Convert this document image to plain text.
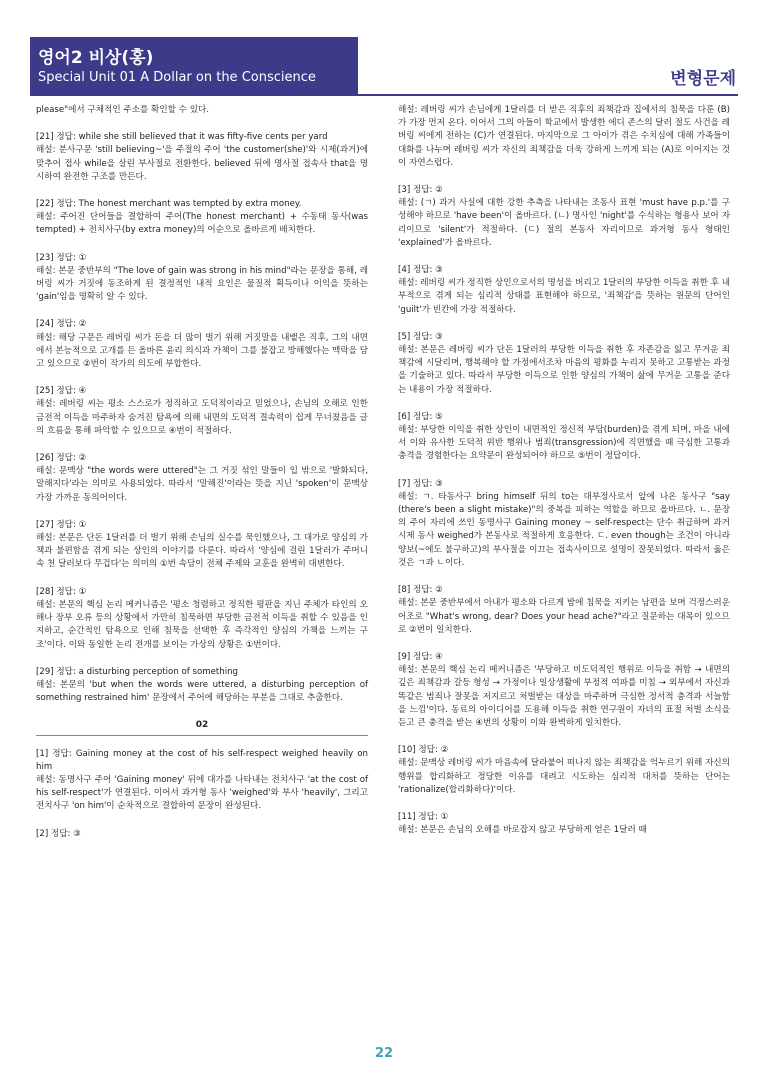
영어2 비상(홍)
Special Unit 01 A Dollar on the Conscience	변형문제

please"에서 구체적인 주소를 확인할 수 있다.

[21] 정답: while she still believed that it was fifty-five cents per yard

해설: 분사구문 'still believing~'을 주절의 주어 'the customer(she)'와 시제(과거)에 맞추어 접사 while을 살린 부사절로 전환한다. believed 뒤에 명사절 접속사 that을 명시하여 완전한 구조를 만든다.

[22] 정답: The honest merchant was tempted by extra money.

해설: 주어진 단어들을 결합하여 주어(The honest merchant) + 수동태 동사(was tempted) + 전치사구(by extra money)의 어순으로 올바르게 배치한다.

[23] 정답: ①

해설: 본문 중반부의 "The love of gain was strong in his mind"라는 문장을 통해, 레버링 씨가 거짓에 동조하게 된 결정적인 내적 요인은 물질적 획득이나 이익을 뜻하는 'gain'임을 명확히 알 수 있다.

[24] 정답: ②

해설: 해당 구문은 레버링 씨가 돈을 더 많이 벌기 위해 거짓말을 내뱉은 직후, 그의 내면에서 본능적으로 고개를 든 올바른 윤리 의식과 가책이 그를 불잡고 방해했다는 맥락을 담고 있으므로 ②번이 작가의 의도에 부합한다.

[25] 정답: ④

해설: 레버링 씨는 평소 스스로가 정직하고 도덕적이라고 믿었으나, 손님의 오해로 인한 금전적 이득을 마주하자 숨겨진 탐욕에 의해 내면의 도덕적 결속력이 쉽게 무너졌음을 글의 흐름을 통해 파악할 수 있으므로 ④번이 적절하다.

[26] 정답: ②

해설: 문맥상 "the words were uttered"는 그 거짓 섞인 말들이 입 밖으로 '발화되다, 말해지다'라는 의미로 사용되었다. 따라서 '말해진'이라는 뜻을 지닌 'spoken'이 문맥상 가장 가까운 동의어이다.

[27] 정답: ①

해설: 본문은 단돈 1달러를 더 벌기 위해 손님의 실수를 묵인했으나, 그 대가로 양심의 가책과 불편함을 겪게 되는 상인의 이야기를 다룬다. 따라서 '양심에 걸린 1달러가 주머니 속 천 달러보다 무겁다'는 의미의 ①번 속담이 전체 주제와 교훈을 완벽히 대변한다.

[28] 정답: ①

해설: 본문의 핵심 논리 메커니즘은 '평소 청렴하고 정직한 평판을 지닌 주체가 타인의 오해나 장부 오류 등의 상황에서 가만히 침묵하면 부당한 금전적 이득을 취할 수 있음을 인지하고, 순간적인 탐욕으로 인해 침묵을 선택한 후 즉각적인 양심의 가책을 느끼는 구조'이다. 이와 동일한 논리 전개를 보이는 가상의 상황은 ①번이다.

[29] 정답: a disturbing perception of something

해설: 본문의 'but when the words were uttered, a disturbing perception of something restrained him' 문장에서 주어에 해당하는 부분을 그대로 추출한다.

02

[1] 정답: Gaining money at the cost of his self-respect weighed heavily on him

해설: 동명사구 주어 'Gaining money' 뒤에 대가를 나타내는 전치사구 'at the cost of his self-respect'가 연결된다. 이어서 과거형 동사 'weighed'와 부사 'heavily', 그리고 전치사구 'on him'이 순차적으로 결합하여 문장이 완성된다.

[2] 정답: ③

해설: 레버링 씨가 손님에게 1달러를 더 받은 직후의 죄책감과 집에서의 침묵을 다룬 (B)가 가장 먼저 온다. 이어서 그의 아들이 학교에서 발생한 에디 존스의 달러 절도 사건을 레버링 씨에게 전하는 (C)가 연결된다. 마지막으로 그 아이가 겪은 수치심에 대해 가족들이 대화를 나누며 레버링 씨가 자신의 죄책감을 더욱 강하게 느끼게 되는 (A)로 이어지는 것이 자연스럽다.

[3] 정답: ②

해설: (ㄱ) 과거 사실에 대한 강한 추측을 나타내는 조동사 표현 'must have p.p.'를 구성해야 하므로 'have been'이 올바르다. (ㄴ) 명사인 'night'를 수식하는 형용사 보어 자리이므로 'silent'가 적절하다. (ㄷ) 절의 본동사 자리이므로 과거형 동사 형태인 'explained'가 올바르다.

[4] 정답: ③

해설: 레버링 씨가 정직한 상인으로서의 명성을 버리고 1달러의 부당한 이득을 취한 후 내부적으로 겪게 되는 심리적 상태를 표현해야 하므로, '죄책감'을 뜻하는 원문의 단어인 'guilt'가 빈칸에 가장 적절하다.

[5] 정답: ③

해설: 본문은 레버링 씨가 단돈 1달러의 부당한 이득을 취한 후 자존감을 잃고 무거운 죄책감에 시달리며, 행복해야 할 가정에서조차 마음의 평화를 누리지 못하고 고통받는 과정을 기술하고 있다. 따라서 부당한 이득으로 인한 양심의 가책이 삶에 무거운 고통을 준다는 내용이 가장 적절하다.

[6] 정답: ⑤

해설: 부당한 이익을 취한 상인이 내면적인 정신적 부담(burden)을 겪게 되며, 마을 내에서 이와 유사한 도덕적 위반 행위나 범죄(transgression)에 직면했을 때 극심한 고통과 충격을 경험한다는 요약문이 완성되어야 하므로 ⑤번이 정답이다.

[7] 정답: ③

해설: ㄱ. 타동사구 bring himself 뒤의 to는 대부정사로서 앞에 나온 동사구 "say (there's been a slight mistake)"의 중복을 피하는 역할을 하므로 올바르다. ㄴ. 문장의 주어 자리에 쓰인 동명사구 Gaining money ~ self-respect는 단수 취급하며 과거시제 동사 weighed가 본동사로 적절하게 호응한다. ㄷ. even though는 조건이 아니라 양보(~에도 불구하고)의 부사절을 이끄는 접속사이므로 설명이 잘못되었다. 따라서 옳은 것은 ㄱ과 ㄴ이다.

[8] 정답: ②

해설: 본문 중반부에서 아내가 평소와 다르게 밤에 침묵을 지키는 남편을 보며 걱정스러운 어조로 "What's wrong, dear? Does your head ache?"라고 질문하는 대목이 있으므로 ②번이 일치한다.

[9] 정답: ④

해설: 본문의 핵심 논리 메커니즘은 '부당하고 비도덕적인 행위로 이득을 취함 → 내면의 깊은 죄책감과 갈등 형성 → 가정이나 일상생활에 부정적 여파를 미침 → 외부에서 자신과 똑같은 범죄나 잘못을 저지르고 처벌받는 대상을 마주하며 극심한 정서적 충격과 서늘함을 느낌'이다. 동료의 아이디어를 도용해 이득을 취한 연구원이 자녀의 표절 처벌 소식을 듣고 큰 충격을 받는 ④번의 상황이 이와 완벽하게 일치한다.

[10] 정답: ②

해설: 문맥상 레버링 씨가 마음속에 달라붙어 떠나지 않는 죄책감을 억누르기 위해 자신의 행위를 합리화하고 정당한 이유를 대려고 시도하는 심리적 대처를 뜻하는 단어는 'rationalize(합리화하다)'이다.

[11] 정답: ①

해설: 본문은 손님의 오해를 바로잡지 않고 부당하게 얻은 1달러 때

22
